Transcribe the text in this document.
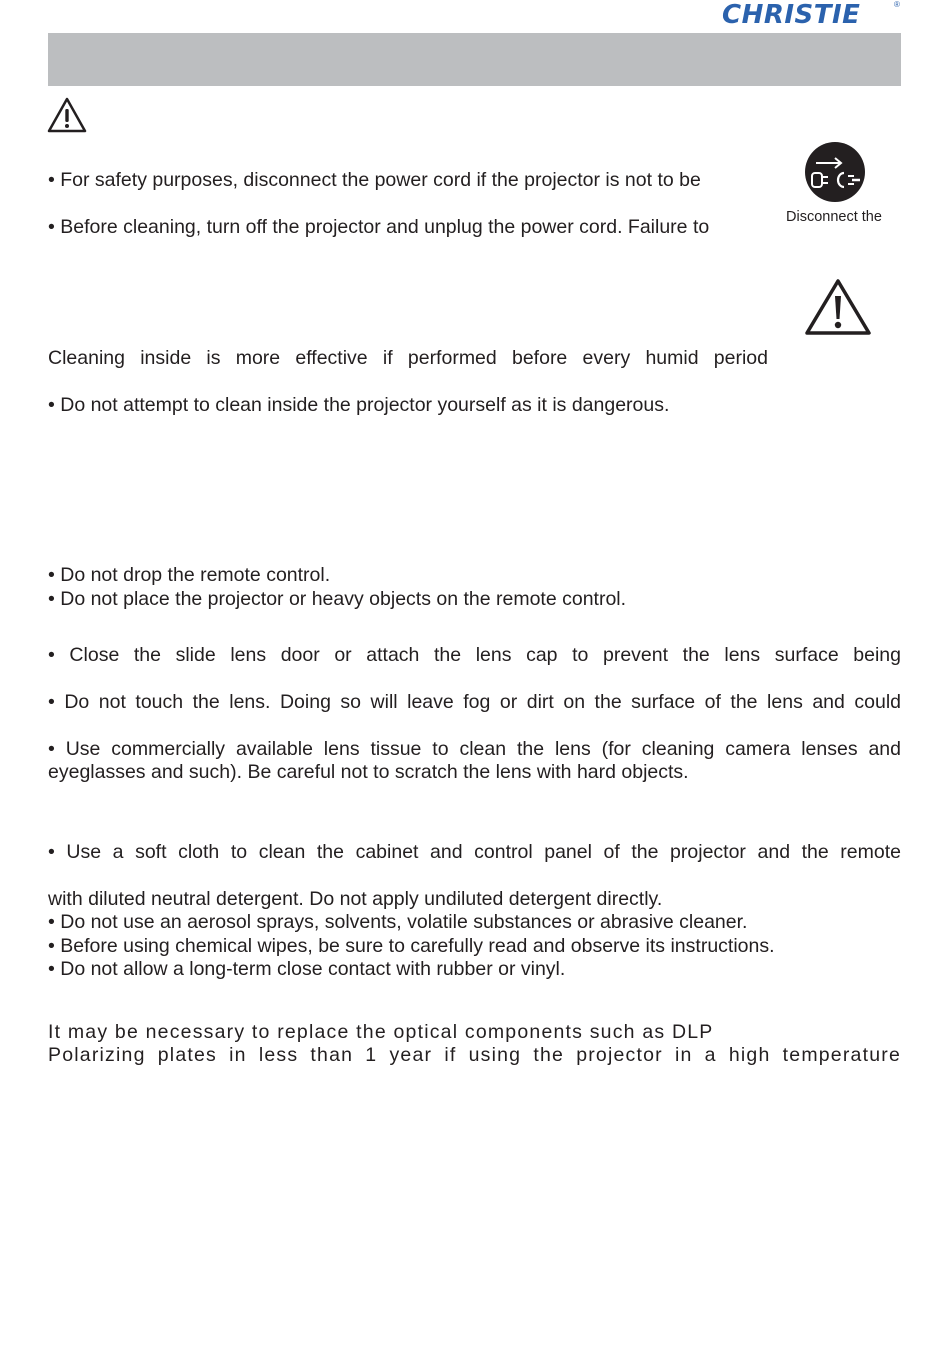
CHRISTIE	®
Disconnect the
• For safety purposes, disconnect the power cord if the projector is not to be
• Before cleaning, turn off the projector and unplug the power cord. Failure to
Cleaning inside is more effective if performed before every humid period
• Do not attempt to clean inside the projector yourself as it is dangerous.
• Do not drop the remote control.
• Do not place the projector or heavy objects on the remote control.
• Close the slide lens door or attach the lens cap to prevent the lens surface being
• Do not touch the lens. Doing so will leave fog or dirt on the surface of the lens and could
• Use commercially available lens tissue to clean the lens (for cleaning camera lenses and
eyeglasses and such). Be careful not to scratch the lens with hard objects.
• Use a soft cloth to clean the cabinet and control panel of the projector and the remote
with diluted neutral detergent. Do not apply undiluted detergent directly.
• Do not use an aerosol sprays, solvents, volatile substances or abrasive cleaner.
• Before using chemical wipes, be sure to carefully read and observe its instructions.
• Do not allow a long-term close contact with rubber or vinyl.
It may be necessary to replace the optical components such as DLP
Polarizing plates in less than 1 year if using the projector in a high temperature
